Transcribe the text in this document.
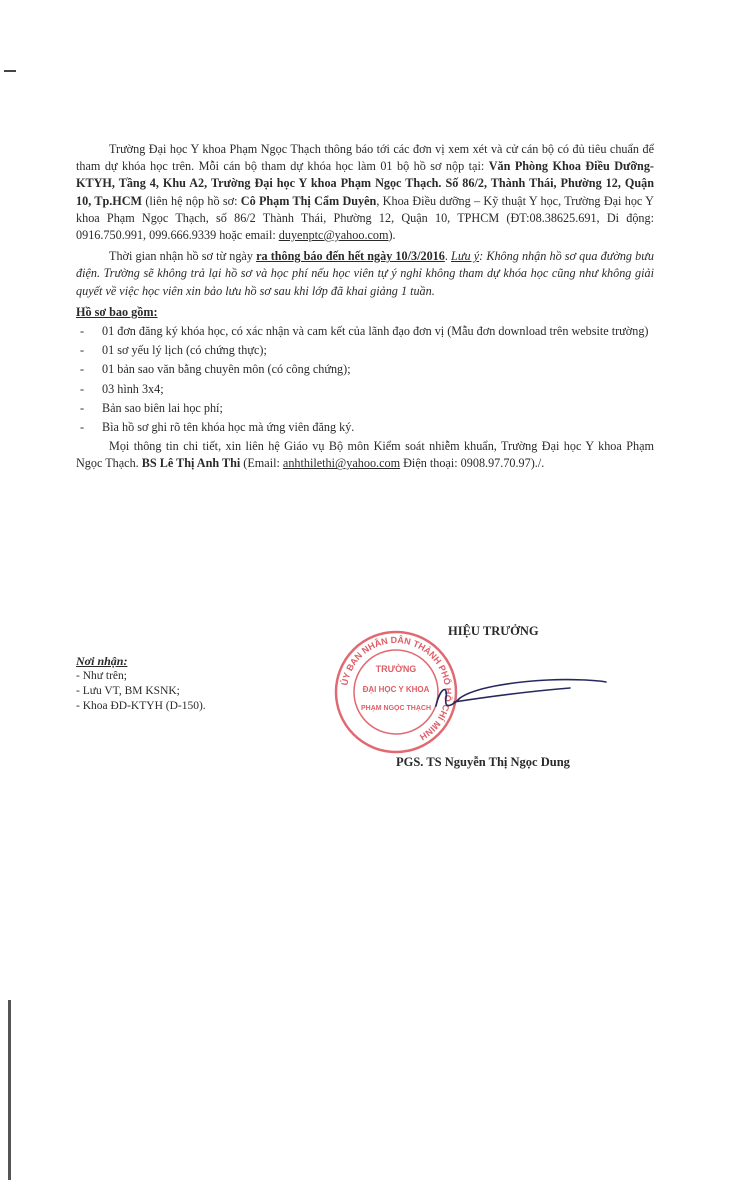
Trường Đại học Y khoa Phạm Ngọc Thạch thông báo tới các đơn vị xem xét và cử cán bộ có đủ tiêu chuẩn để tham dự khóa học trên. Mỗi cán bộ tham dự khóa học làm 01 bộ hồ sơ nộp tại: Văn Phòng Khoa Điều Dưỡng-KTYH, Tầng 4, Khu A2, Trường Đại học Y khoa Phạm Ngọc Thạch. Số 86/2, Thành Thái, Phường 12, Quận 10, Tp.HCM (liên hệ nộp hồ sơ: Cô Phạm Thị Cẩm Duyên, Khoa Điều dưỡng – Kỹ thuật Y học, Trường Đại học Y khoa Phạm Ngọc Thạch, số 86/2 Thành Thái, Phường 12, Quận 10, TPHCM (ĐT:08.38625.691, Di động: 0916.750.991, 099.666.9339 hoặc email: duyenptc@yahoo.com).

Thời gian nhận hồ sơ từ ngày ra thông báo đến hết ngày 10/3/2016. Lưu ý: Không nhận hồ sơ qua đường bưu điện. Trường sẽ không trả lại hồ sơ và học phí nếu học viên tự ý nghỉ không tham dự khóa học cũng như không giải quyết về việc học viên xin bảo lưu hồ sơ sau khi lớp đã khai giảng 1 tuần.

Hồ sơ bao gồm:

- 01 đơn đăng ký khóa học, có xác nhận và cam kết của lãnh đạo đơn vị (Mẫu đơn download trên website trường)
- 01 sơ yếu lý lịch (có chứng thực);
- 01 bản sao văn bằng chuyên môn (có công chứng);
- 03 hình 3x4;
- Bản sao biên lai học phí;
- Bìa hồ sơ ghi rõ tên khóa học mà ứng viên đăng ký.

Mọi thông tin chi tiết, xin liên hệ Giáo vụ Bộ môn Kiểm soát nhiễm khuẩn, Trường Đại học Y khoa Phạm Ngọc Thạch. BS Lê Thị Anh Thi (Email: anhthilethi@yahoo.com Điện thoại: 0908.97.70.97)./.

HIỆU TRƯỞNG
Nơi nhận:
- Như trên;
- Lưu VT, BM KSNK;
- Khoa ĐD-KTYH (D-150).
ỦY BAN NHÂN DÂN THÀNH PHỐ HỒ CHÍ MINH
TRƯỜNG
ĐẠI HỌC Y KHOA
PHẠM NGỌC THẠCH
PGS. TS Nguyễn Thị Ngọc Dung
